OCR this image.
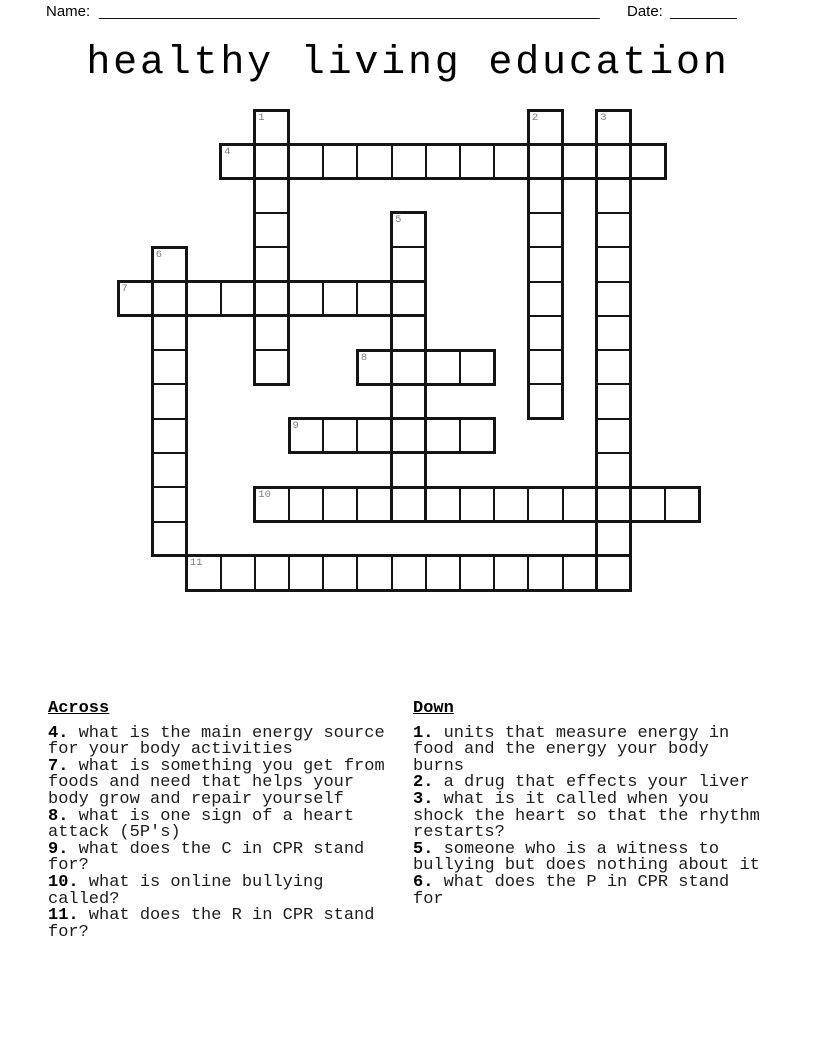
Name: ____________________________________________________________ Date: ________
healthy living education
1	2	3
4
5
6
7
8
9
10
11
Across
4. what is the main energy source for your body activities
7. what is something you get from foods and need that helps your body grow and repair yourself
8. what is one sign of a heart attack (5P's)
9. what does the C in CPR stand for?
10. what is online bullying called?
11. what does the R in CPR stand for?
Down
1. units that measure energy in food and the energy your body burns
2. a drug that effects your liver
3. what is it called when you shock the heart so that the rhythm restarts?
5. someone who is a witness to bullying but does nothing about it
6. what does the P in CPR stand for
